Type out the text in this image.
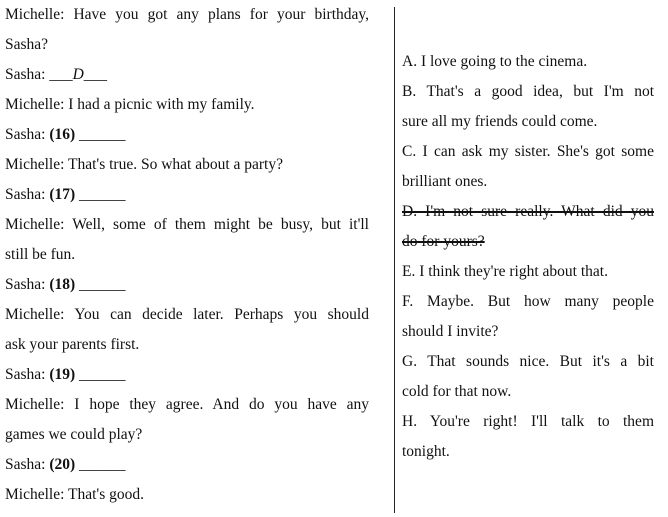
Michelle: Have you got any plans for your birthday,
Sasha?
Sasha: ___D___
Michelle: I had a picnic with my family.
Sasha: (16) ______
Michelle: That's true. So what about a party?
Sasha: (17) ______
Michelle: Well, some of them might be busy, but it'll
still be fun.
Sasha: (18) ______
Michelle: You can decide later. Perhaps you should
ask your parents first.
Sasha: (19) ______
Michelle: I hope they agree. And do you have any
games we could play?
Sasha: (20) ______
Michelle: That's good.
A. I love going to the cinema.
B. That's a good idea, but I'm not
sure all my friends could come.
C. I can ask my sister. She's got some
brilliant ones.
D. I'm not sure really. What did you
do for yours?
E. I think they're right about that.
F. Maybe. But how many people
should I invite?
G. That sounds nice. But it's a bit
cold for that now.
H. You're right! I'll talk to them
tonight.
